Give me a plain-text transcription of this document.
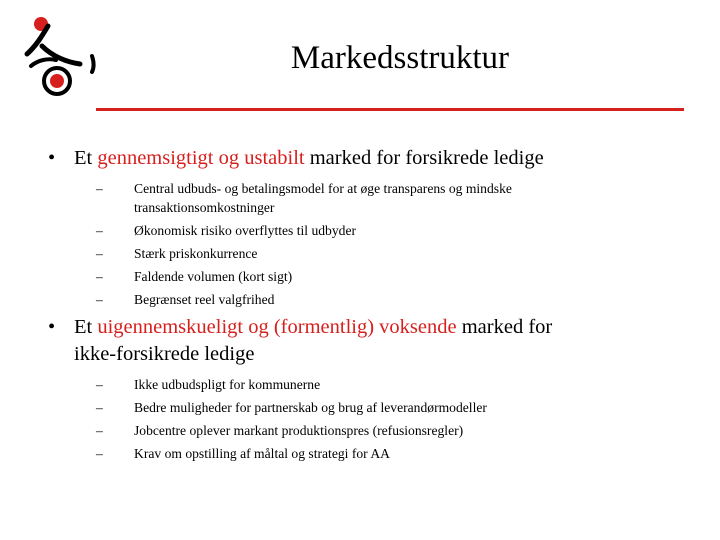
Markedsstruktur
• Et gennemsigtigt og ustabilt marked for forsikrede ledige
– Central udbuds- og betalingsmodel for at øge transparens og mindske
transaktionsomkostninger
– Økonomisk risiko overflyttes til udbyder
– Stærk priskonkurrence
– Faldende volumen (kort sigt)
– Begrænset reel valgfrihed
• Et uigennemskueligt og (formentlig) voksende marked for
ikke-forsikrede ledige
– Ikke udbudspligt for kommunerne
– Bedre muligheder for partnerskab og brug af leverandørmodeller
– Jobcentre oplever markant produktionspres (refusionsregler)
– Krav om opstilling af måltal og strategi for AA
